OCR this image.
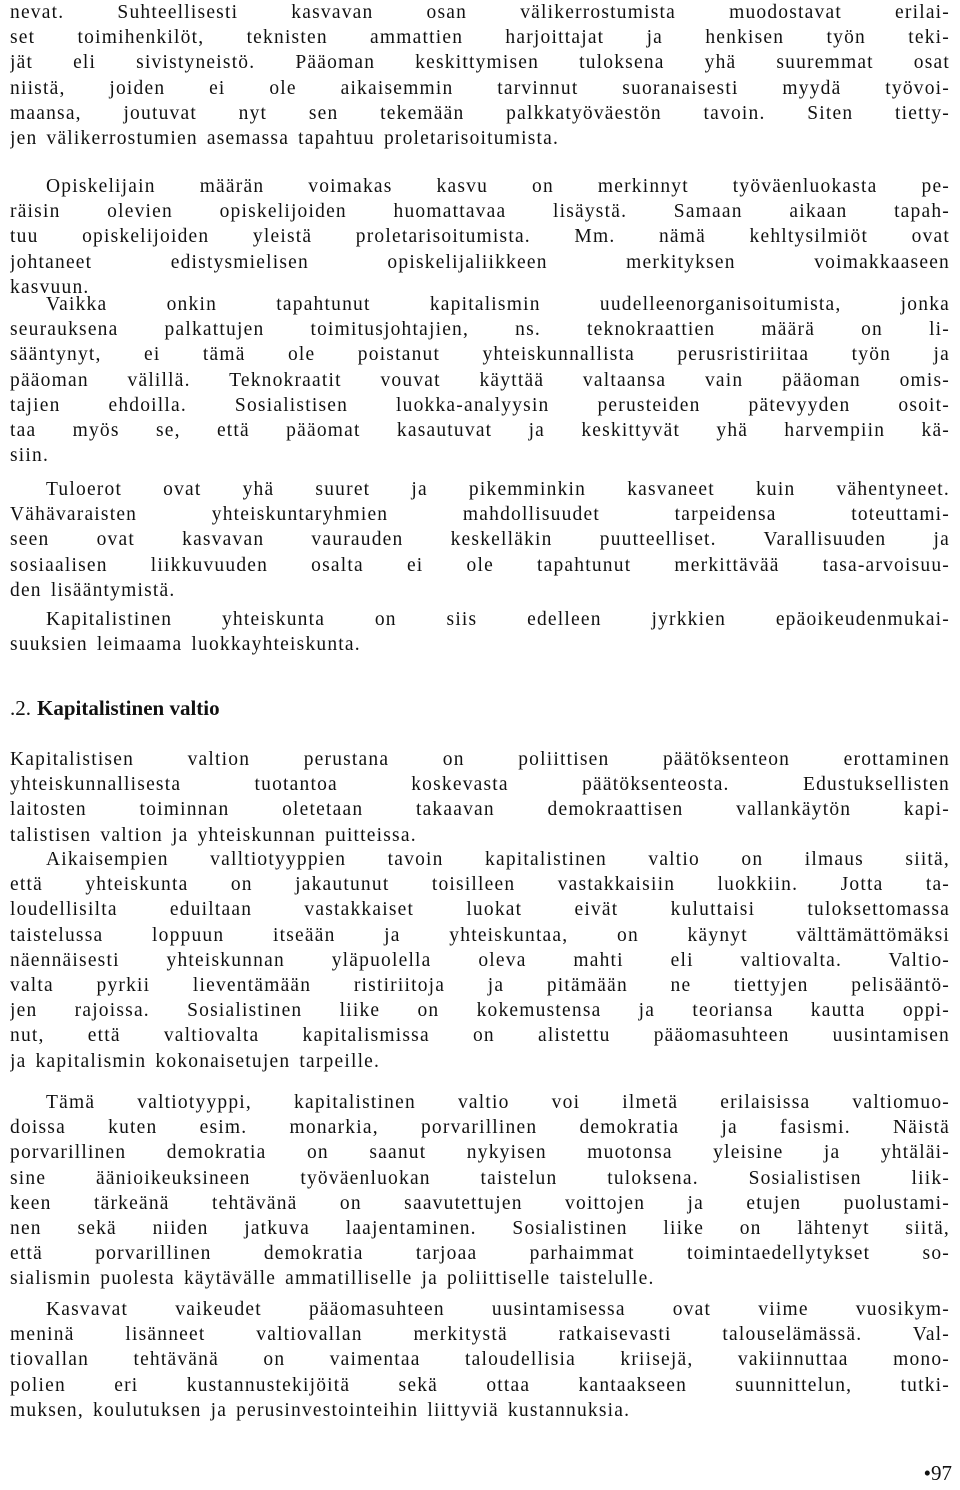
nevat. Suhteellisesti kasvavan osan välikerrostumista muodostavat erilai-
set toimihenkilöt, teknisten ammattien harjoittajat ja henkisen työn teki-
jät eli sivistyneistö. Pääoman keskittymisen tuloksena yhä suuremmat osat
niistä, joiden ei ole aikaisemmin tarvinnut suoranaisesti myydä työvoi-
maansa, joutuvat nyt sen tekemään palkkatyöväestön tavoin. Siten tietty-
jen välikerrostumien asemassa tapahtuu proletarisoitumista.
Opiskelijain määrän voimakas kasvu on merkinnyt työväenluokasta pe-
räisin olevien opiskelijoiden huomattavaa lisäystä. Samaan aikaan tapah-
tuu opiskelijoiden yleistä proletarisoitumista. Mm. nämä kehltysilmiöt ovat
johtaneet edistysmielisen opiskelijaliikkeen merkityksen voimakkaaseen
kasvuun.
Vaikka onkin tapahtunut kapitalismin uudelleenorganisoitumista, jonka
seurauksena palkattujen toimitusjohtajien, ns. teknokraattien määrä on li-
sääntynyt, ei tämä ole poistanut yhteiskunnallista perusristiriitaa työn ja
pääoman välillä. Teknokraatit vouvat käyttää valtaansa vain pääoman omis-
tajien ehdoilla. Sosialistisen luokka-analyysin perusteiden pätevyyden osoit-
taa myös se, että pääomat kasautuvat ja keskittyvät yhä harvempiin kä-
siin.
Tuloerot ovat yhä suuret ja pikemminkin kasvaneet kuin vähentyneet.
Vähävaraisten yhteiskuntaryhmien mahdollisuudet tarpeidensa toteuttami-
seen ovat kasvavan vaurauden keskelläkin puutteelliset. Varallisuuden ja
sosiaalisen liikkuvuuden osalta ei ole tapahtunut merkittävää tasa-arvoisuu-
den lisääntymistä.
Kapitalistinen yhteiskunta on siis edelleen jyrkkien epäoikeudenmukai-
suuksien leimaama luokkayhteiskunta.
.2. Kapitalistinen valtio
Kapitalistisen valtion perustana on poliittisen päätöksenteon erottaminen
yhteiskunnallisesta tuotantoa koskevasta päätöksenteosta. Edustuksellisten
laitosten toiminnan oletetaan takaavan demokraattisen vallankäytön kapi-
talistisen valtion ja yhteiskunnan puitteissa.
Aikaisempien valltiotyyppien tavoin kapitalistinen valtio on ilmaus siitä,
että yhteiskunta on jakautunut toisilleen vastakkaisiin luokkiin. Jotta ta-
loudellisilta eduiltaan vastakkaiset luokat eivät kuluttaisi tuloksettomassa
taistelussa loppuun itseään ja yhteiskuntaa, on käynyt välttämättömäksi
näennäisesti yhteiskunnan yläpuolella oleva mahti eli valtiovalta. Valtio-
valta pyrkii lieventämään ristiriitoja ja pitämään ne tiettyjen pelisääntö-
jen rajoissa. Sosialistinen liike on kokemustensa ja teoriansa kautta oppi-
nut, että valtiovalta kapitalismissa on alistettu pääomasuhteen uusintamisen
ja kapitalismin kokonaisetujen tarpeille.
Tämä valtiotyyppi, kapitalistinen valtio voi ilmetä erilaisissa valtiomuo-
doissa kuten esim. monarkia, porvarillinen demokratia ja fasismi. Näistä
porvarillinen demokratia on saanut nykyisen muotonsa yleisine ja yhtäläi-
sine äänioikeuksineen työväenluokan taistelun tuloksena. Sosialistisen liik-
keen tärkeänä tehtävänä on saavutettujen voittojen ja etujen puolustami-
nen sekä niiden jatkuva laajentaminen. Sosialistinen liike on lähtenyt siitä,
että porvarillinen demokratia tarjoaa parhaimmat toimintaedellytykset so-
sialismin puolesta käytävälle ammatilliselle ja poliittiselle taistelulle.
Kasvavat vaikeudet pääomasuhteen uusintamisessa ovat viime vuosikym-
meninä lisänneet valtiovallan merkitystä ratkaisevasti talouselämässä. Val-
tiovallan tehtävänä on vaimentaa taloudellisia kriisejä, vakiinnuttaa mono-
polien eri kustannustekijöitä sekä ottaa kantaakseen suunnittelun, tutki-
muksen, koulutuksen ja perusinvestointeihin liittyviä kustannuksia.
•97
